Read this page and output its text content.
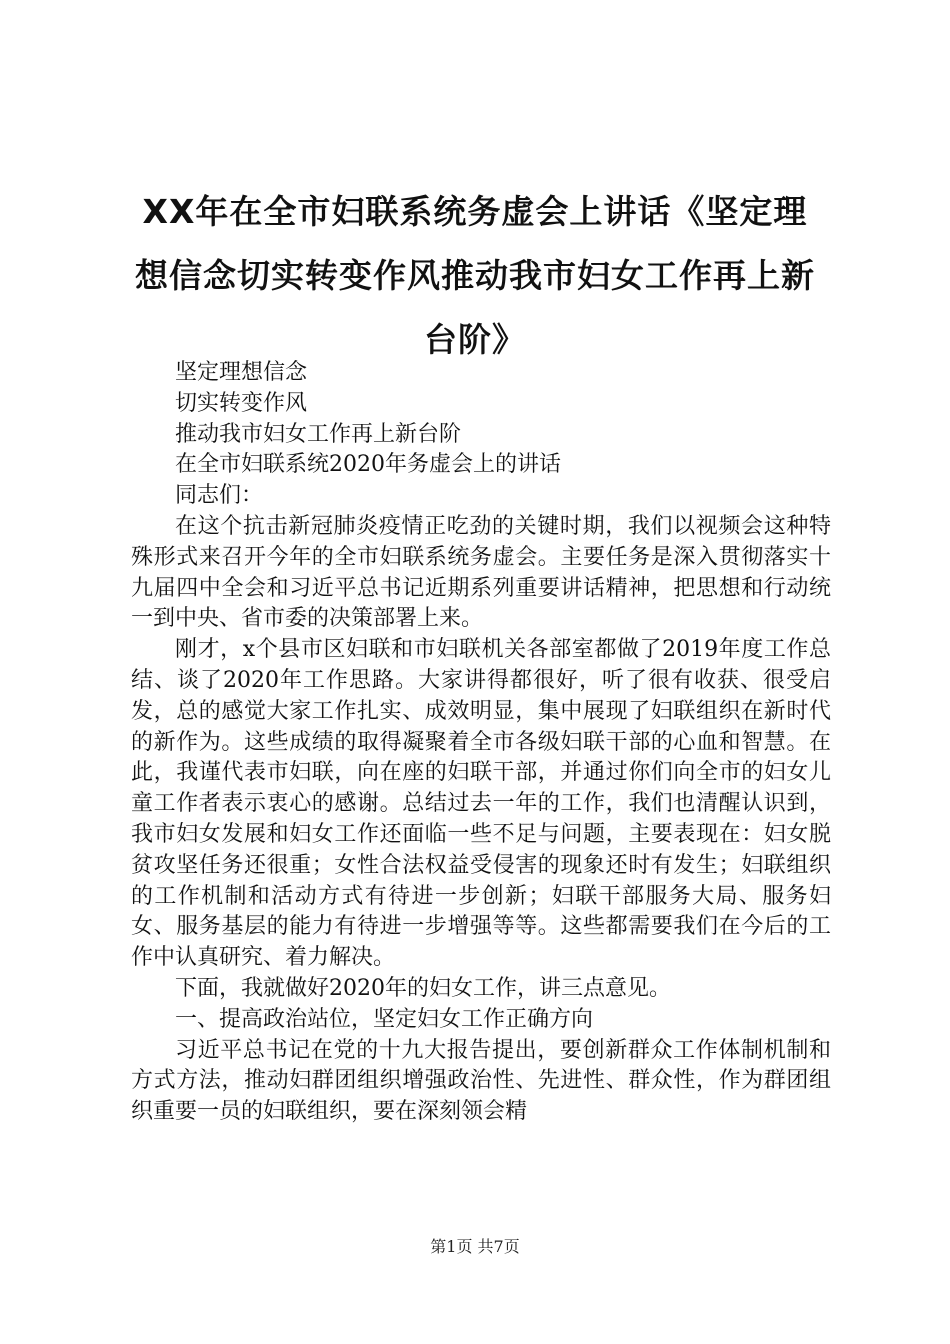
XX年在全市妇联系统务虚会上讲话《坚定理
想信念切实转变作风推动我市妇女工作再上新
台阶》

坚定理想信念

切实转变作风

推动我市妇女工作再上新台阶

在全市妇联系统2020年务虚会上的讲话

同志们：

在这个抗击新冠肺炎疫情正吃劲的关键时期，我们以视频会这种特殊形式来召开今年的全市妇联系统务虚会。主要任务是深入贯彻落实十九届四中全会和习近平总书记近期系列重要讲话精神，把思想和行动统一到中央、省市委的决策部署上来。

刚才，x个县市区妇联和市妇联机关各部室都做了2019年度工作总结、谈了2020年工作思路。大家讲得都很好，听了很有收获、很受启发，总的感觉大家工作扎实、成效明显，集中展现了妇联组织在新时代的新作为。这些成绩的取得凝聚着全市各级妇联干部的心血和智慧。在此，我谨代表市妇联，向在座的妇联干部，并通过你们向全市的妇女儿童工作者表示衷心的感谢。总结过去一年的工作，我们也清醒认识到，我市妇女发展和妇女工作还面临一些不足与问题，主要表现在：妇女脱贫攻坚任务还很重；女性合法权益受侵害的现象还时有发生；妇联组织的工作机制和活动方式有待进一步创新；妇联干部服务大局、服务妇女、服务基层的能力有待进一步增强等等。这些都需要我们在今后的工作中认真研究、着力解决。

下面，我就做好2020年的妇女工作，讲三点意见。

一、提高政治站位，坚定妇女工作正确方向

习近平总书记在党的十九大报告提出，要创新群众工作体制机制和方式方法，推动妇群团组织增强政治性、先进性、群众性，作为群团组织重要一员的妇联组织，要在深刻领会精

第1页 共7页
